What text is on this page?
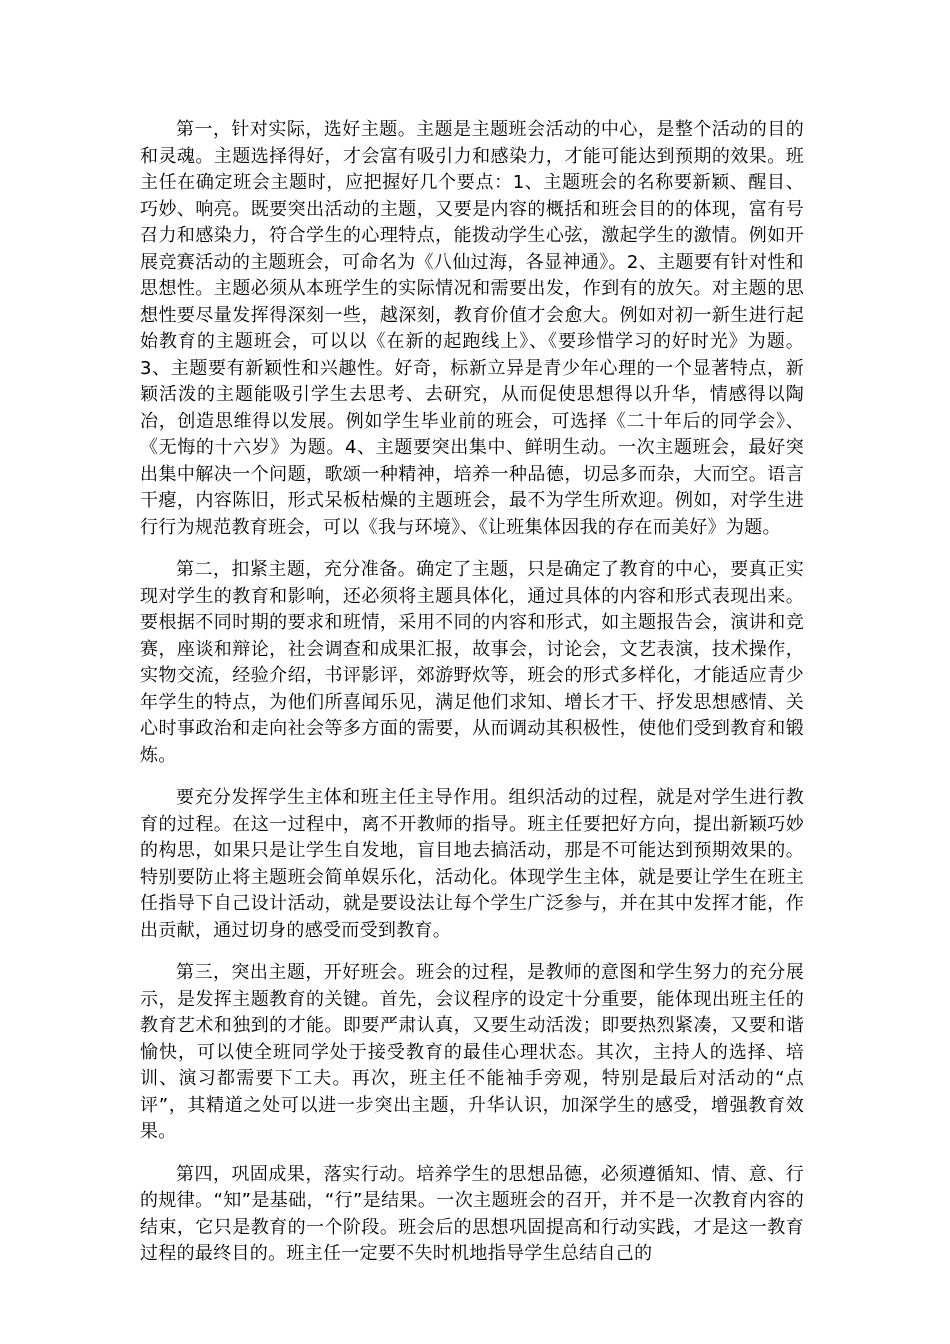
第一，针对实际，选好主题。主题是主题班会活动的中心，是整个活动的目的和灵魂。主题选择得好，才会富有吸引力和感染力，才能可能达到预期的效果。班主任在确定班会主题时，应把握好几个要点：1、主题班会的名称要新颖、醒目、巧妙、响亮。既要突出活动的主题，又要是内容的概括和班会目的的体现，富有号召力和感染力，符合学生的心理特点，能拨动学生心弦，激起学生的激情。例如开展竞赛活动的主题班会，可命名为《八仙过海，各显神通》。2、主题要有针对性和思想性。主题必须从本班学生的实际情况和需要出发，作到有的放矢。对主题的思想性要尽量发挥得深刻一些，越深刻，教育价值才会愈大。例如对初一新生进行起始教育的主题班会，可以以《在新的起跑线上》、《要珍惜学习的好时光》为题。3、主题要有新颖性和兴趣性。好奇，标新立异是青少年心理的一个显著特点，新颖活泼的主题能吸引学生去思考、去研究，从而促使思想得以升华，情感得以陶冶，创造思维得以发展。例如学生毕业前的班会，可选择《二十年后的同学会》、《无悔的十六岁》为题。4、主题要突出集中、鲜明生动。一次主题班会，最好突出集中解决一个问题，歌颂一种精神，培养一种品德，切忌多而杂，大而空。语言干瘪，内容陈旧，形式呆板枯燥的主题班会，最不为学生所欢迎。例如，对学生进行行为规范教育班会，可以《我与环境》、《让班集体因我的存在而美好》为题。

第二，扣紧主题，充分准备。确定了主题，只是确定了教育的中心，要真正实现对学生的教育和影响，还必须将主题具体化，通过具体的内容和形式表现出来。要根据不同时期的要求和班情，采用不同的内容和形式，如主题报告会，演讲和竞赛，座谈和辩论，社会调查和成果汇报，故事会，讨论会，文艺表演，技术操作，实物交流，经验介绍，书评影评，郊游野炊等，班会的形式多样化，才能适应青少年学生的特点，为他们所喜闻乐见，满足他们求知、增长才干、抒发思想感情、关心时事政治和走向社会等多方面的需要，从而调动其积极性，使他们受到教育和锻炼。

要充分发挥学生主体和班主任主导作用。组织活动的过程，就是对学生进行教育的过程。在这一过程中，离不开教师的指导。班主任要把好方向，提出新颖巧妙的构思，如果只是让学生自发地，盲目地去搞活动，那是不可能达到预期效果的。特别要防止将主题班会简单娱乐化，活动化。体现学生主体，就是要让学生在班主任指导下自己设计活动，就是要设法让每个学生广泛参与，并在其中发挥才能，作出贡献，通过切身的感受而受到教育。

第三，突出主题，开好班会。班会的过程，是教师的意图和学生努力的充分展示，是发挥主题教育的关键。首先，会议程序的设定十分重要，能体现出班主任的教育艺术和独到的才能。即要严肃认真，又要生动活泼；即要热烈紧凑，又要和谐愉快，可以使全班同学处于接受教育的最佳心理状态。其次，主持人的选择、培训、演习都需要下工夫。再次，班主任不能袖手旁观，特别是最后对活动的“点评”，其精道之处可以进一步突出主题，升华认识，加深学生的感受，增强教育效果。

第四，巩固成果，落实行动。培养学生的思想品德，必须遵循知、情、意、行的规律。“知”是基础，“行”是结果。一次主题班会的召开，并不是一次教育内容的结束，它只是教育的一个阶段。班会后的思想巩固提高和行动实践，才是这一教育过程的最终目的。班主任一定要不失时机地指导学生总结自己的
